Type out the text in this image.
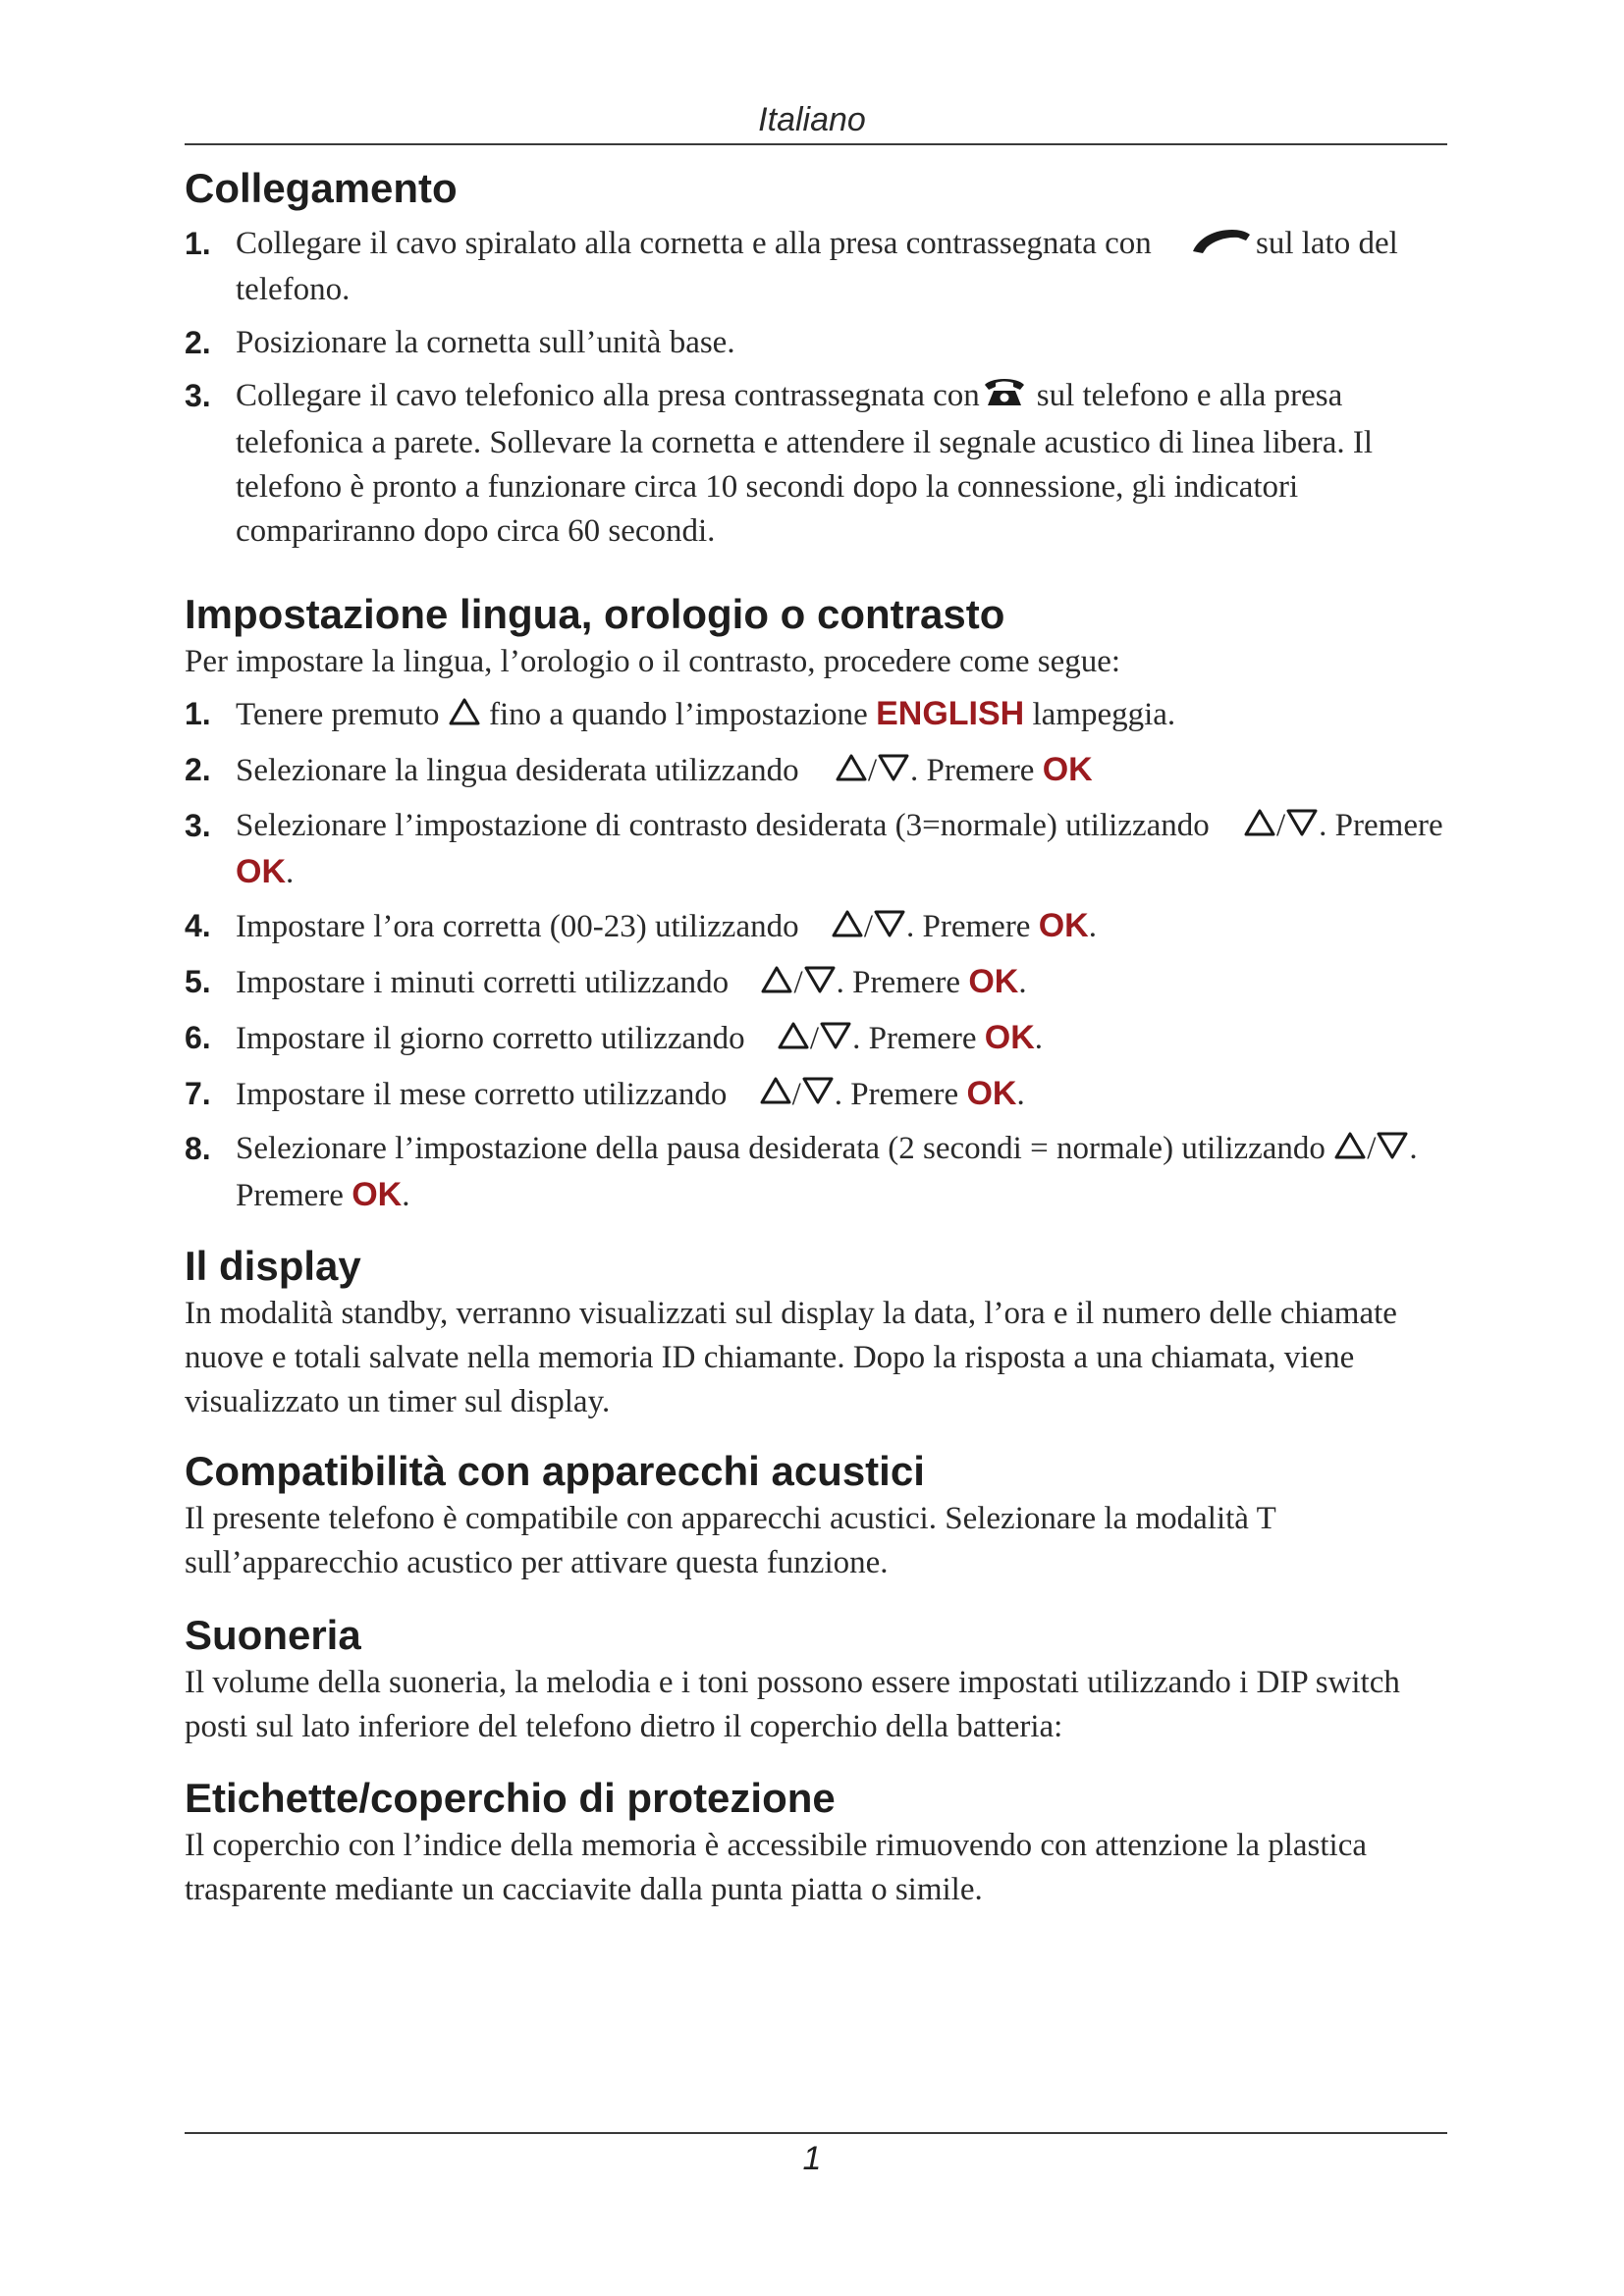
Italiano
Collegamento
1. Collegare il cavo spiralato alla cornetta e alla presa contrassegnata con	sul lato del telefono.
2. Posizionare la cornetta sull’unità base.
3. Collegare il cavo telefonico alla presa contrassegnata con sul telefono e alla presa telefonica a parete. Sollevare la cornetta e attendere il segnale acustico di linea libera. Il telefono è pronto a funzionare circa 10 secondi dopo la connessione, gli indicatori compariranno dopo circa 60 secondi.
Impostazione lingua, orologio o contrasto

Per impostare la lingua, l’orologio o il contrasto, procedere come segue:

1. Tenere premuto fino a quando l’impostazione ENGLISH lampeggia.
2. Selezionare la lingua desiderata utilizzando / . Premere OK
3. Selezionare l’impostazione di contrasto desiderata (3=normale) utilizzando / . Premere OK.
4. Impostare l’ora corretta (00-23) utilizzando / . Premere OK.
5. Impostare i minuti corretti utilizzando / . Premere OK.
6. Impostare il giorno corretto utilizzando / . Premere OK.
7. Impostare il mese corretto utilizzando / . Premere OK.
8. Selezionare l’impostazione della pausa desiderata (2 secondi = normale) utilizzando / . Premere OK.
Il display

In modalità standby, verranno visualizzati sul display la data, l’ora e il numero delle chiamate nuove e totali salvate nella memoria ID chiamante. Dopo la risposta a una chiamata, viene visualizzato un timer sul display.

Compatibilità con apparecchi acustici

Il presente telefono è compatibile con apparecchi acustici. Selezionare la modalità T sull’apparecchio acustico per attivare questa funzione.

Suoneria

Il volume della suoneria, la melodia e i toni possono essere impostati utilizzando i DIP switch posti sul lato inferiore del telefono dietro il coperchio della batteria:

Etichette/coperchio di protezione

Il coperchio con l’indice della memoria è accessibile rimuovendo con attenzione la plastica trasparente mediante un cacciavite dalla punta piatta o simile.

1
